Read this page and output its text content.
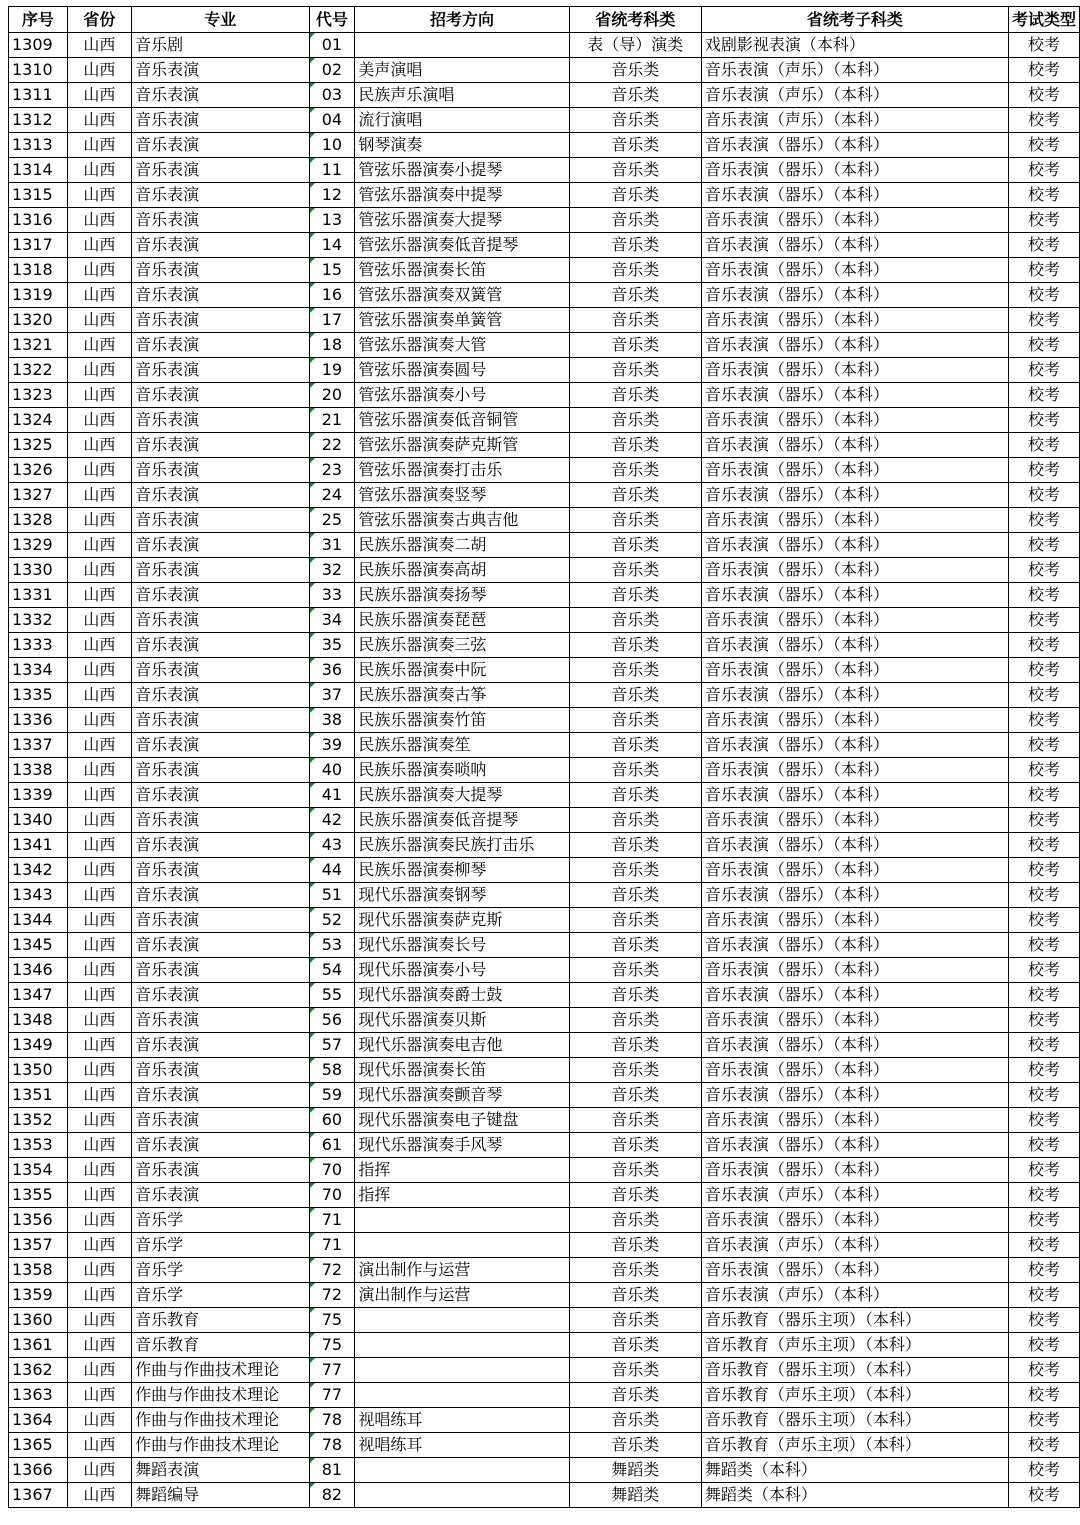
序号	省份	专业	代号	招考方向	省统考科类	省统考子科类	考试类型
1309	山西	音乐剧	01		表（导）演类	戏剧影视表演（本科）	校考
1310	山西	音乐表演	02	美声演唱	音乐类	音乐表演（声乐）（本科）	校考
1311	山西	音乐表演	03	民族声乐演唱	音乐类	音乐表演（声乐）（本科）	校考
1312	山西	音乐表演	04	流行演唱	音乐类	音乐表演（声乐）（本科）	校考
1313	山西	音乐表演	10	钢琴演奏	音乐类	音乐表演（器乐）（本科）	校考
1314	山西	音乐表演	11	管弦乐器演奏小提琴	音乐类	音乐表演（器乐）（本科）	校考
1315	山西	音乐表演	12	管弦乐器演奏中提琴	音乐类	音乐表演（器乐）（本科）	校考
1316	山西	音乐表演	13	管弦乐器演奏大提琴	音乐类	音乐表演（器乐）（本科）	校考
1317	山西	音乐表演	14	管弦乐器演奏低音提琴	音乐类	音乐表演（器乐）（本科）	校考
1318	山西	音乐表演	15	管弦乐器演奏长笛	音乐类	音乐表演（器乐）（本科）	校考
1319	山西	音乐表演	16	管弦乐器演奏双簧管	音乐类	音乐表演（器乐）（本科）	校考
1320	山西	音乐表演	17	管弦乐器演奏单簧管	音乐类	音乐表演（器乐）（本科）	校考
1321	山西	音乐表演	18	管弦乐器演奏大管	音乐类	音乐表演（器乐）（本科）	校考
1322	山西	音乐表演	19	管弦乐器演奏圆号	音乐类	音乐表演（器乐）（本科）	校考
1323	山西	音乐表演	20	管弦乐器演奏小号	音乐类	音乐表演（器乐）（本科）	校考
1324	山西	音乐表演	21	管弦乐器演奏低音铜管	音乐类	音乐表演（器乐）（本科）	校考
1325	山西	音乐表演	22	管弦乐器演奏萨克斯管	音乐类	音乐表演（器乐）（本科）	校考
1326	山西	音乐表演	23	管弦乐器演奏打击乐	音乐类	音乐表演（器乐）（本科）	校考
1327	山西	音乐表演	24	管弦乐器演奏竖琴	音乐类	音乐表演（器乐）（本科）	校考
1328	山西	音乐表演	25	管弦乐器演奏古典吉他	音乐类	音乐表演（器乐）（本科）	校考
1329	山西	音乐表演	31	民族乐器演奏二胡	音乐类	音乐表演（器乐）（本科）	校考
1330	山西	音乐表演	32	民族乐器演奏高胡	音乐类	音乐表演（器乐）（本科）	校考
1331	山西	音乐表演	33	民族乐器演奏扬琴	音乐类	音乐表演（器乐）（本科）	校考
1332	山西	音乐表演	34	民族乐器演奏琵琶	音乐类	音乐表演（器乐）（本科）	校考
1333	山西	音乐表演	35	民族乐器演奏三弦	音乐类	音乐表演（器乐）（本科）	校考
1334	山西	音乐表演	36	民族乐器演奏中阮	音乐类	音乐表演（器乐）（本科）	校考
1335	山西	音乐表演	37	民族乐器演奏古筝	音乐类	音乐表演（器乐）（本科）	校考
1336	山西	音乐表演	38	民族乐器演奏竹笛	音乐类	音乐表演（器乐）（本科）	校考
1337	山西	音乐表演	39	民族乐器演奏笙	音乐类	音乐表演（器乐）（本科）	校考
1338	山西	音乐表演	40	民族乐器演奏唢呐	音乐类	音乐表演（器乐）（本科）	校考
1339	山西	音乐表演	41	民族乐器演奏大提琴	音乐类	音乐表演（器乐）（本科）	校考
1340	山西	音乐表演	42	民族乐器演奏低音提琴	音乐类	音乐表演（器乐）（本科）	校考
1341	山西	音乐表演	43	民族乐器演奏民族打击乐	音乐类	音乐表演（器乐）（本科）	校考
1342	山西	音乐表演	44	民族乐器演奏柳琴	音乐类	音乐表演（器乐）（本科）	校考
1343	山西	音乐表演	51	现代乐器演奏钢琴	音乐类	音乐表演（器乐）（本科）	校考
1344	山西	音乐表演	52	现代乐器演奏萨克斯	音乐类	音乐表演（器乐）（本科）	校考
1345	山西	音乐表演	53	现代乐器演奏长号	音乐类	音乐表演（器乐）（本科）	校考
1346	山西	音乐表演	54	现代乐器演奏小号	音乐类	音乐表演（器乐）（本科）	校考
1347	山西	音乐表演	55	现代乐器演奏爵士鼓	音乐类	音乐表演（器乐）（本科）	校考
1348	山西	音乐表演	56	现代乐器演奏贝斯	音乐类	音乐表演（器乐）（本科）	校考
1349	山西	音乐表演	57	现代乐器演奏电吉他	音乐类	音乐表演（器乐）（本科）	校考
1350	山西	音乐表演	58	现代乐器演奏长笛	音乐类	音乐表演（器乐）（本科）	校考
1351	山西	音乐表演	59	现代乐器演奏颤音琴	音乐类	音乐表演（器乐）（本科）	校考
1352	山西	音乐表演	60	现代乐器演奏电子键盘	音乐类	音乐表演（器乐）（本科）	校考
1353	山西	音乐表演	61	现代乐器演奏手风琴	音乐类	音乐表演（器乐）（本科）	校考
1354	山西	音乐表演	70	指挥	音乐类	音乐表演（器乐）（本科）	校考
1355	山西	音乐表演	70	指挥	音乐类	音乐表演（声乐）（本科）	校考
1356	山西	音乐学	71		音乐类	音乐表演（器乐）（本科）	校考
1357	山西	音乐学	71		音乐类	音乐表演（声乐）（本科）	校考
1358	山西	音乐学	72	演出制作与运营	音乐类	音乐表演（器乐）（本科）	校考
1359	山西	音乐学	72	演出制作与运营	音乐类	音乐表演（声乐）（本科）	校考
1360	山西	音乐教育	75		音乐类	音乐教育（器乐主项）（本科）	校考
1361	山西	音乐教育	75		音乐类	音乐教育（声乐主项）（本科）	校考
1362	山西	作曲与作曲技术理论	77		音乐类	音乐教育（器乐主项）（本科）	校考
1363	山西	作曲与作曲技术理论	77		音乐类	音乐教育（声乐主项）（本科）	校考
1364	山西	作曲与作曲技术理论	78	视唱练耳	音乐类	音乐教育（器乐主项）（本科）	校考
1365	山西	作曲与作曲技术理论	78	视唱练耳	音乐类	音乐教育（声乐主项）（本科）	校考
1366	山西	舞蹈表演	81		舞蹈类	舞蹈类（本科）	校考
1367	山西	舞蹈编导	82		舞蹈类	舞蹈类（本科）	校考
